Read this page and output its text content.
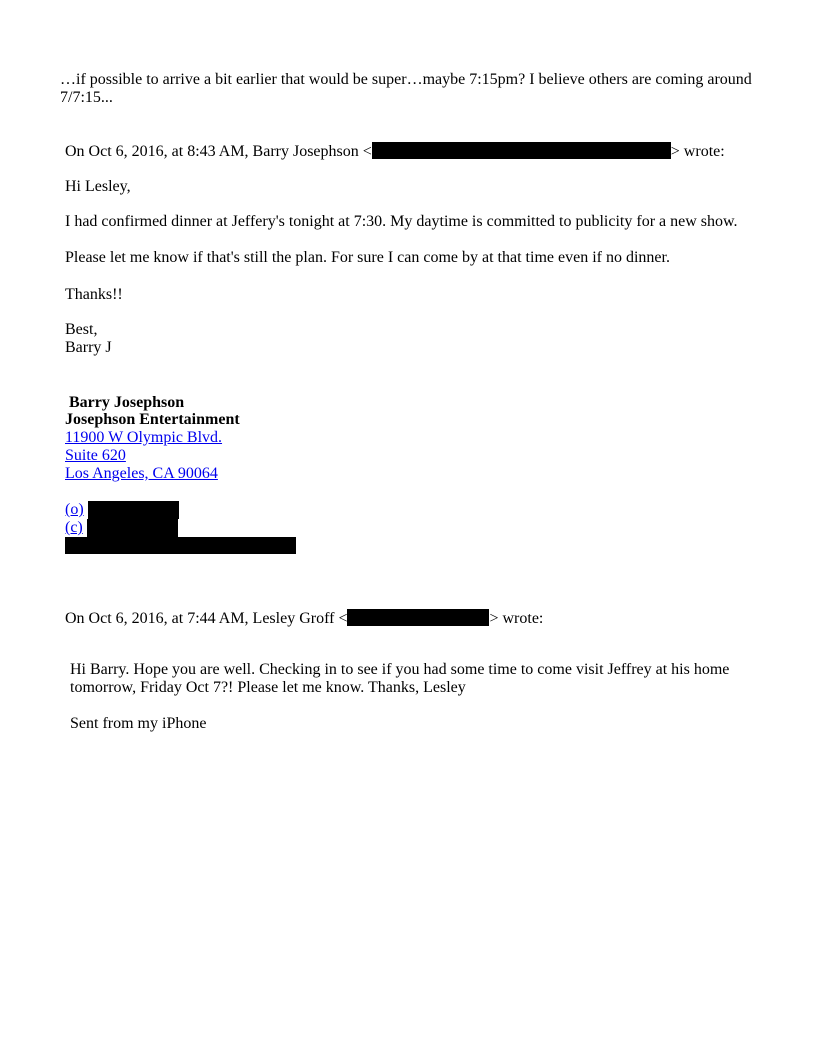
…if possible to arrive a bit earlier that would be super…maybe 7:15pm? I believe others are coming around 7/7:15...
On Oct 6, 2016, at 8:43 AM, Barry Josephson <	> wrote:
Hi Lesley,
I had confirmed dinner at Jeffery's tonight at 7:30. My daytime is committed to publicity for a new show.
Please let me know if that's still the plan. For sure I can come by at that time even if no dinner.
Thanks!!
Best,
Barry J
Barry Josephson
Josephson Entertainment
11900 W Olympic Blvd.
Suite 620
Los Angeles, CA 90064
(o)
(c)
On Oct 6, 2016, at 7:44 AM, Lesley Groff <	> wrote:
Hi Barry. Hope you are well. Checking in to see if you had some time to come visit Jeffrey at his home tomorrow, Friday Oct 7?! Please let me know. Thanks, Lesley
Sent from my iPhone
